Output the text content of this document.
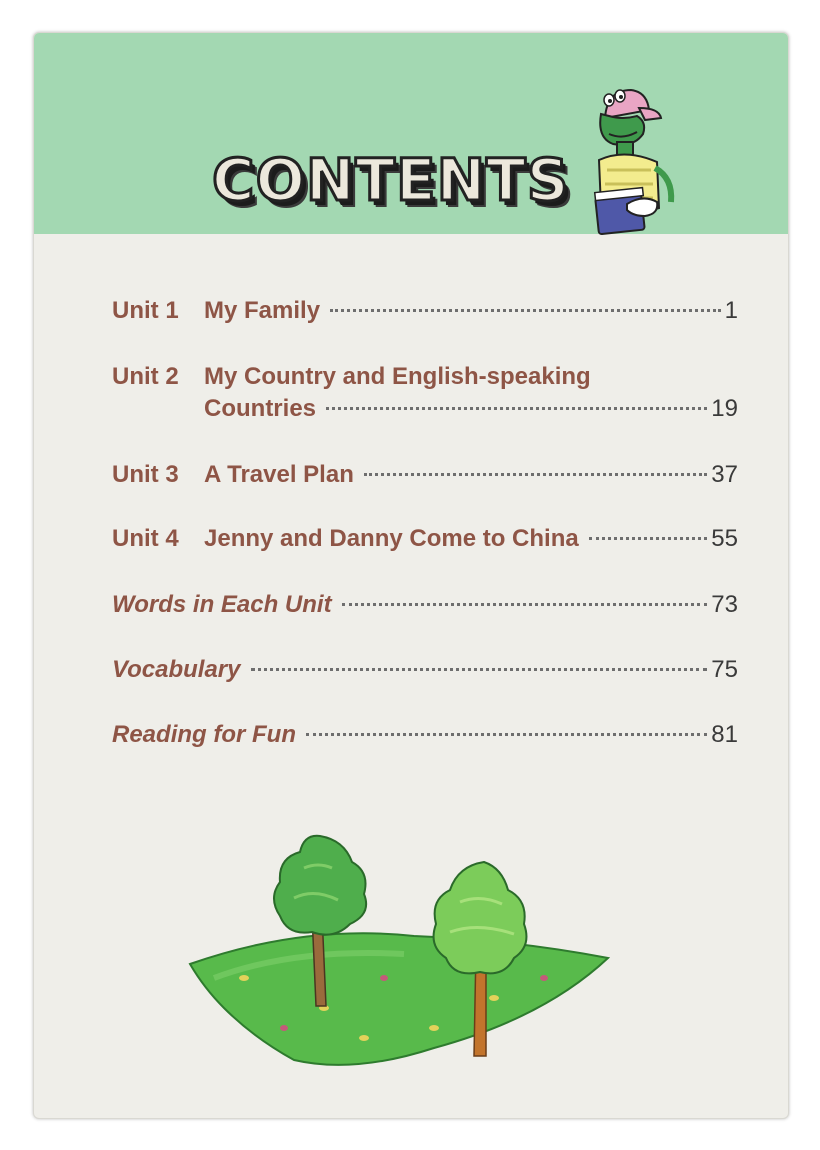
CONTENTS
Unit 1	My Family	1
Unit 2	My Country and English-speaking
Countries	19
Unit 3	A Travel Plan	37
Unit 4	Jenny and Danny Come to China	55
Words in Each Unit	73
Vocabulary	75
Reading for Fun	81
